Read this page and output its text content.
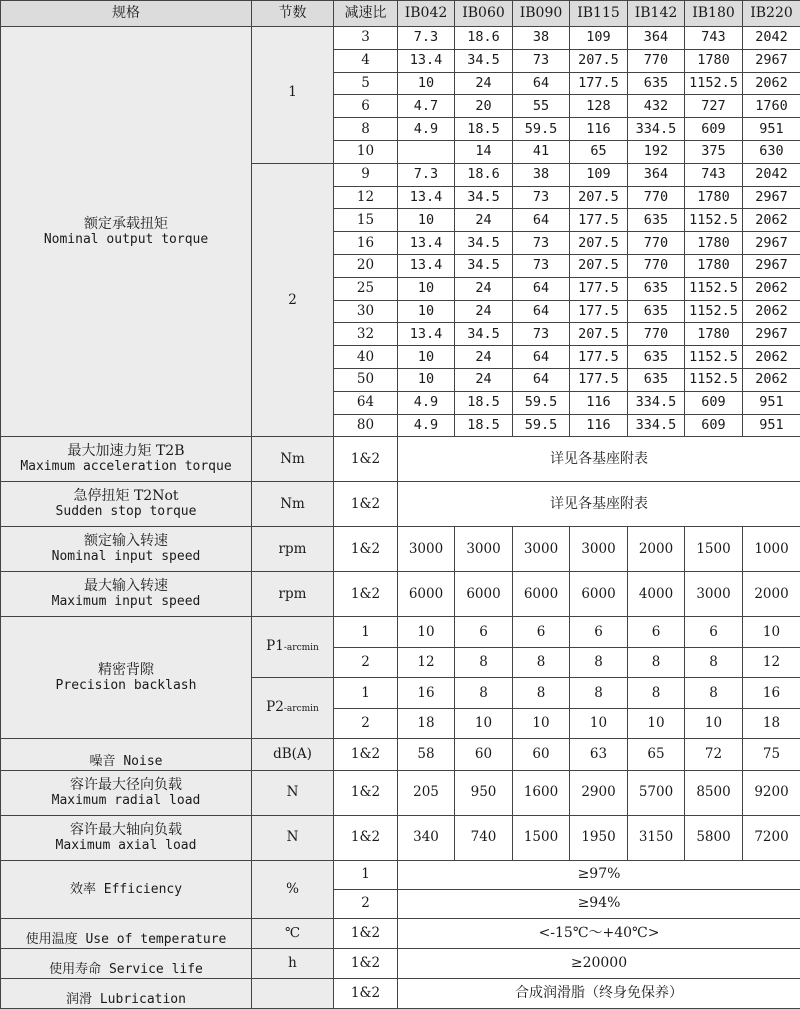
规格	节数	减速比	IB042	IB060	IB090	IB115	IB142	IB180	IB220

额定承载扭矩
Nominal output torque	1	3	7.3	18.6	38	109	364	743	2042
		4	13.4	34.5	73	207.5	770	1780	2967
		5	10	24	64	177.5	635	1152.5	2062
		6	4.7	20	55	128	432	727	1760
		8	4.9	18.5	59.5	116	334.5	609	951
		10		14	41	65	192	375	630
	2	9	7.3	18.6	38	109	364	743	2042
		12	13.4	34.5	73	207.5	770	1780	2967
		15	10	24	64	177.5	635	1152.5	2062
		16	13.4	34.5	73	207.5	770	1780	2967
		20	13.4	34.5	73	207.5	770	1780	2967
		25	10	24	64	177.5	635	1152.5	2062
		30	10	24	64	177.5	635	1152.5	2062
		32	13.4	34.5	73	207.5	770	1780	2967
		40	10	24	64	177.5	635	1152.5	2062
		50	10	24	64	177.5	635	1152.5	2062
		64	4.9	18.5	59.5	116	334.5	609	951
		80	4.9	18.5	59.5	116	334.5	609	951

最大加速力矩 T2B
Maximum acceleration torque	Nm	1&2	详见各基座附表						

急停扭矩 T2Not
Sudden stop torque	Nm	1&2	详见各基座附表						

额定输入转速
Nominal input speed	rpm	1&2	3000	3000	3000	3000	2000	1500	1000

最大输入转速
Maximum input speed	rpm	1&2	6000	6000	6000	6000	4000	3000	2000

精密背隙
Precision backlash	P1-arcmin	1	10	6	6	6	6	6	10
		2	12	8	8	8	8	8	12
	P2-arcmin	1	16	8	8	8	8	8	16
		2	18	10	10	10	10	10	18

噪音 Noise	dB(A)	1&2	58	60	60	63	65	72	75

容许最大径向负载
Maximum radial load	N	1&2	205	950	1600	2900	5700	8500	9200

容许最大轴向负载
Maximum axial load	N	1&2	340	740	1500	1950	3150	5800	7200

效率 Efficiency	%	1	≥97%						
		2	≥94%						

使用温度 Use of temperature	℃	1&2	<-15℃～+40℃>						

使用寿命 Service life	h	1&2	≥20000						

润滑 Lubrication		1&2	合成润滑脂（终身免保养）						
